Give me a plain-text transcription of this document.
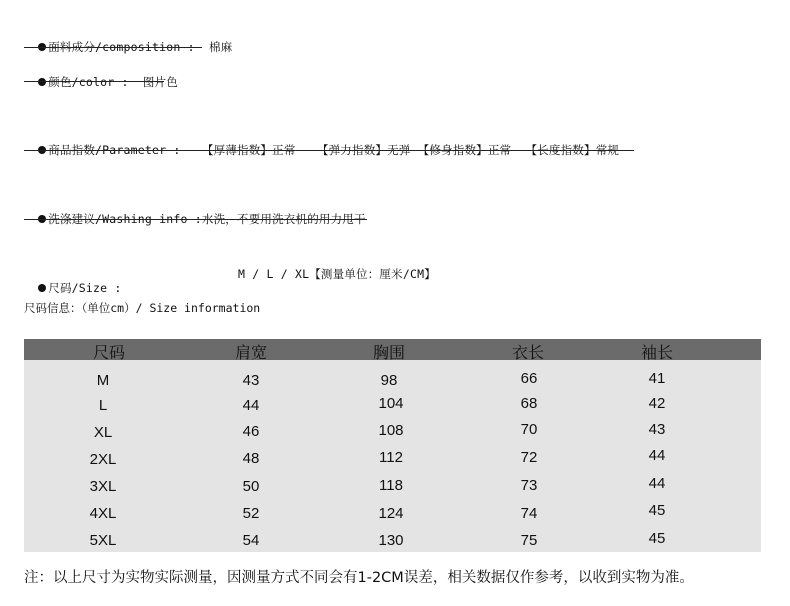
面料成分/composition : 棉麻

颜色/color : 图片色

商品指数/Parameter : 【厚薄指数】正常 【弹力指数】无弹 【修身指数】正常 【长度指数】常规

洗涤建议/Washing info :水洗，不要用洗衣机的用力甩干

尺码/Size :

M / L / XL【测量单位：厘米/CM】
尺码信息：（单位cm）/ Size information
尺码	肩宽	胸围	衣长	袖长
M	43	98	66	41
L	44	104	68	42
XL	46	108	70	43
2XL	48	112	72	44
3XL	50	118	73	44
4XL	52	124	74	45
5XL	54	130	75	45
注：以上尺寸为实物实际测量，因测量方式不同会有1-2CM误差，相关数据仅作参考，以收到实物为准。
